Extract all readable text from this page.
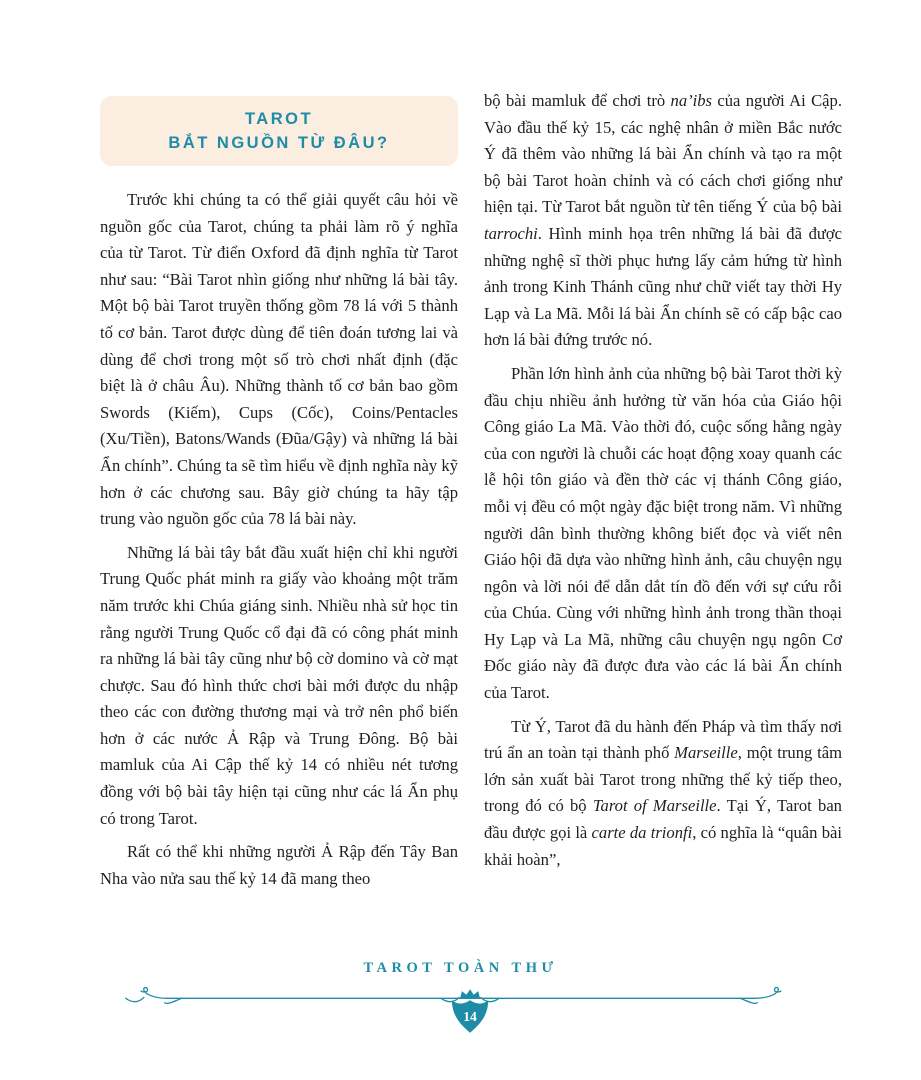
TAROT
BẮT NGUỒN TỪ ĐÂU?

Trước khi chúng ta có thể giải quyết câu hỏi về nguồn gốc của Tarot, chúng ta phải làm rõ ý nghĩa của từ Tarot. Từ điển Oxford đã định nghĩa từ Tarot như sau: “Bài Tarot nhìn giống như những lá bài tây. Một bộ bài Tarot truyền thống gồm 78 lá với 5 thành tố cơ bản. Tarot được dùng để tiên đoán tương lai và dùng để chơi trong một số trò chơi nhất định (đặc biệt là ở châu Âu). Những thành tố cơ bản bao gồm Swords (Kiếm), Cups (Cốc), Coins/Pentacles (Xu/Tiền), Batons/Wands (Đũa/Gậy) và những lá bài Ẩn chính”. Chúng ta sẽ tìm hiểu về định nghĩa này kỹ hơn ở các chương sau. Bây giờ chúng ta hãy tập trung vào nguồn gốc của 78 lá bài này.

Những lá bài tây bắt đầu xuất hiện chỉ khi người Trung Quốc phát minh ra giấy vào khoảng một trăm năm trước khi Chúa giáng sinh. Nhiều nhà sử học tin rằng người Trung Quốc cổ đại đã có công phát minh ra những lá bài tây cũng như bộ cờ domino và cờ mạt chược. Sau đó hình thức chơi bài mới được du nhập theo các con đường thương mại và trở nên phổ biến hơn ở các nước Ả Rập và Trung Đông. Bộ bài mamluk của Ai Cập thế kỷ 14 có nhiều nét tương đồng với bộ bài tây hiện tại cũng như các lá Ẩn phụ có trong Tarot.

Rất có thể khi những người Ả Rập đến Tây Ban Nha vào nửa sau thế kỷ 14 đã mang theo

bộ bài mamluk để chơi trò na’ibs của người Ai Cập. Vào đầu thế kỷ 15, các nghệ nhân ở miền Bắc nước Ý đã thêm vào những lá bài Ẩn chính và tạo ra một bộ bài Tarot hoàn chỉnh và có cách chơi giống như hiện tại. Từ Tarot bắt nguồn từ tên tiếng Ý của bộ bài tarrochi. Hình minh họa trên những lá bài đã được những nghệ sĩ thời phục hưng lấy cảm hứng từ hình ảnh trong Kinh Thánh cũng như chữ viết tay thời Hy Lạp và La Mã. Mỗi lá bài Ẩn chính sẽ có cấp bậc cao hơn lá bài đứng trước nó.

Phần lớn hình ảnh của những bộ bài Tarot thời kỳ đầu chịu nhiều ảnh hưởng từ văn hóa của Giáo hội Công giáo La Mã. Vào thời đó, cuộc sống hằng ngày của con người là chuỗi các hoạt động xoay quanh các lễ hội tôn giáo và đền thờ các vị thánh Công giáo, mỗi vị đều có một ngày đặc biệt trong năm. Vì những người dân bình thường không biết đọc và viết nên Giáo hội đã dựa vào những hình ảnh, câu chuyện ngụ ngôn và lời nói để dẫn dắt tín đồ đến với sự cứu rỗi của Chúa. Cùng với những hình ảnh trong thần thoại Hy Lạp và La Mã, những câu chuyện ngụ ngôn Cơ Đốc giáo này đã được đưa vào các lá bài Ẩn chính của Tarot.

Từ Ý, Tarot đã du hành đến Pháp và tìm thấy nơi trú ẩn an toàn tại thành phố Marseille, một trung tâm lớn sản xuất bài Tarot trong những thế kỷ tiếp theo, trong đó có bộ Tarot of Marseille. Tại Ý, Tarot ban đầu được gọi là carte da trionfi, có nghĩa là “quân bài khải hoàn”,

TAROT TOÀN THƯ
14
